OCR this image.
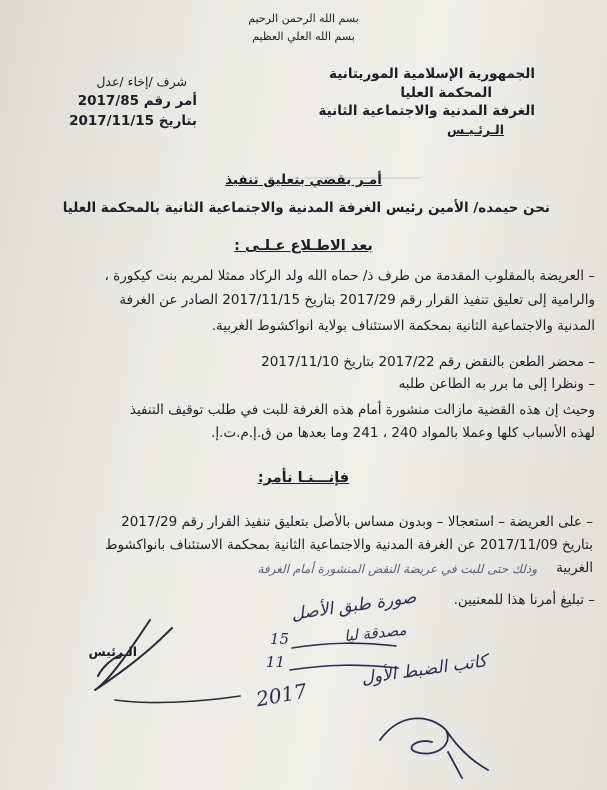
بسم الله الرحمن الرحيم
بسم الله العلي العظيم
الجمهورية الإسلامية الموريتانية
المحكمة العليا
الغرفة المدنية والاجتماعية الثانية
الـرئـيـس
شرف /إخاء /عدل
أمر رقم 2017/85
بتاريخ 2017/11/15
أمـر يقضي بتعليق تنفيذ
نحن حيمده/ الأمين رئيس الغرفة المدنية والاجتماعية الثانية بالمحكمة العليا
بعد الاطـلاع عـلـى :
– العريضة بالمقلوب المقدمة من طرف ذ/ حماه الله ولد الركاد ممثلا لمريم بنت كيكورة ،
والرامية إلى تعليق تنفيذ القرار رقم 2017/29 بتاريخ 2017/11/15 الصادر عن الغرفة
المدنية والاجتماعية الثانية بمحكمة الاستئناف بولاية انواكشوط الغربية.
– محضر الطعن بالنقض رقم 2017/22 بتاريخ 2017/11/10
– ونظرا إلى ما برر به الطاعن طلبه
وحيث إن هذه القضية مازالت منشورة أمام هذه الغرفة للبت في طلب توقيف التنفيذ
لهذه الأسباب كلها وعملا بالمواد 240 ، 241 وما بعدها من ق.إ.م.ت.إ.
فإنـــنـا نأمر:
– على العريضة – استعجالا – وبدون مساس بالأصل بتعليق تنفيذ القرار رقم 2017/29
بتاريخ 2017/11/09 عن الغرفة المدنية والاجتماعية الثانية بمحكمة الاستئناف بانواكشوط
الغربية
وذلك حتى للبت في عريضة النقض المنشورة أمام الغرفة
– تبليغ أمرنا هذا للمعنيين.
الـرئيس
صورة طبق الأصل
مصدقة ليا
15
11
2017
كاتب الضبط الأول
